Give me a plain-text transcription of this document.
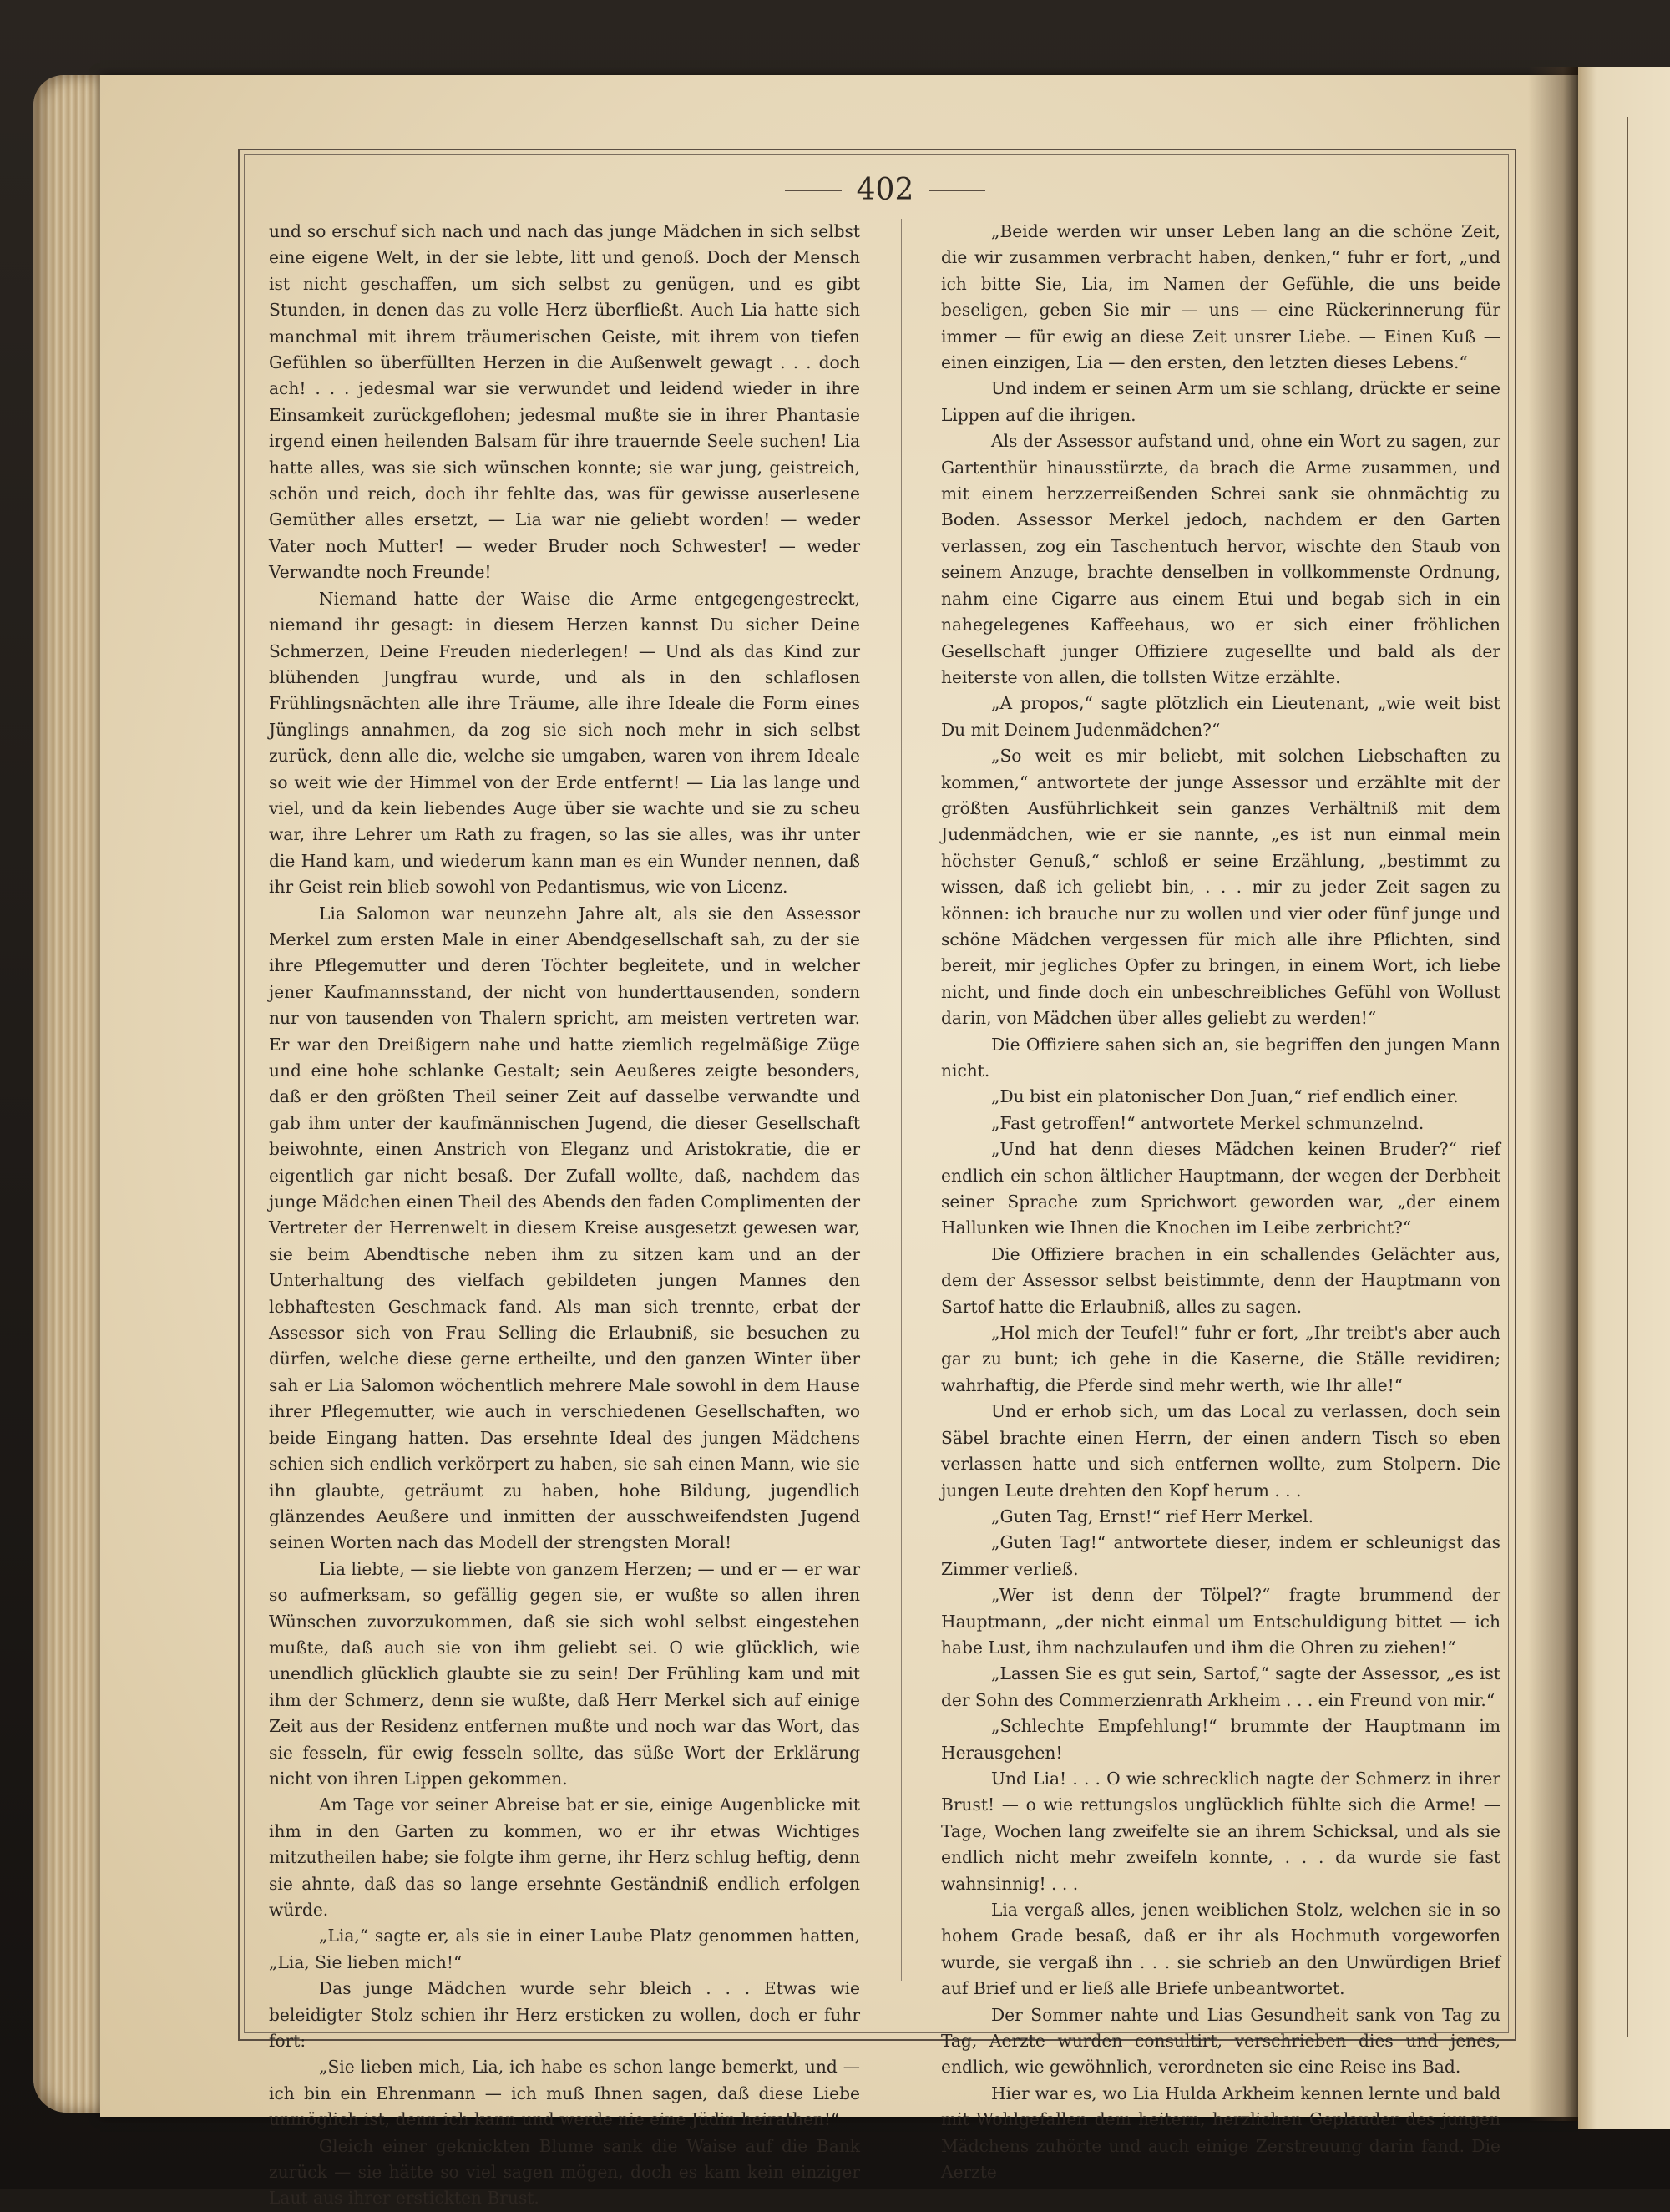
402

und so erschuf sich nach und nach das junge Mädchen in sich selbst eine eigene Welt, in der sie lebte, litt und genoß. Doch der Mensch ist nicht geschaffen, um sich selbst zu genügen, und es gibt Stunden, in denen das zu volle Herz überfließt. Auch Lia hatte sich manchmal mit ihrem träumerischen Geiste, mit ihrem von tiefen Gefühlen so überfüllten Herzen in die Außenwelt gewagt . . . doch ach! . . . jedesmal war sie verwundet und leidend wieder in ihre Einsamkeit zurückgeflohen; jedesmal mußte sie in ihrer Phantasie irgend einen heilenden Balsam für ihre trauernde Seele suchen! Lia hatte alles, was sie sich wünschen konnte; sie war jung, geistreich, schön und reich, doch ihr fehlte das, was für gewisse auserlesene Gemüther alles ersetzt, — Lia war nie geliebt worden! — weder Vater noch Mutter! — weder Bruder noch Schwester! — weder Verwandte noch Freunde!

Niemand hatte der Waise die Arme entgegengestreckt, niemand ihr gesagt: in diesem Herzen kannst Du sicher Deine Schmerzen, Deine Freuden niederlegen! — Und als das Kind zur blühenden Jungfrau wurde, und als in den schlaflosen Frühlingsnächten alle ihre Träume, alle ihre Ideale die Form eines Jünglings annahmen, da zog sie sich noch mehr in sich selbst zurück, denn alle die, welche sie umgaben, waren von ihrem Ideale so weit wie der Himmel von der Erde entfernt! — Lia las lange und viel, und da kein liebendes Auge über sie wachte und sie zu scheu war, ihre Lehrer um Rath zu fragen, so las sie alles, was ihr unter die Hand kam, und wiederum kann man es ein Wunder nennen, daß ihr Geist rein blieb sowohl von Pedantismus, wie von Licenz.

Lia Salomon war neunzehn Jahre alt, als sie den Assessor Merkel zum ersten Male in einer Abendgesellschaft sah, zu der sie ihre Pflegemutter und deren Töchter begleitete, und in welcher jener Kaufmannsstand, der nicht von hunderttausenden, sondern nur von tausenden von Thalern spricht, am meisten vertreten war. Er war den Dreißigern nahe und hatte ziemlich regelmäßige Züge und eine hohe schlanke Gestalt; sein Aeußeres zeigte besonders, daß er den größten Theil seiner Zeit auf dasselbe verwandte und gab ihm unter der kaufmännischen Jugend, die dieser Gesellschaft beiwohnte, einen Anstrich von Eleganz und Aristokratie, die er eigentlich gar nicht besaß. Der Zufall wollte, daß, nachdem das junge Mädchen einen Theil des Abends den faden Complimenten der Vertreter der Herrenwelt in diesem Kreise ausgesetzt gewesen war, sie beim Abendtische neben ihm zu sitzen kam und an der Unterhaltung des vielfach gebildeten jungen Mannes den lebhaftesten Geschmack fand. Als man sich trennte, erbat der Assessor sich von Frau Selling die Erlaubniß, sie besuchen zu dürfen, welche diese gerne ertheilte, und den ganzen Winter über sah er Lia Salomon wöchentlich mehrere Male sowohl in dem Hause ihrer Pflegemutter, wie auch in verschiedenen Gesellschaften, wo beide Eingang hatten. Das ersehnte Ideal des jungen Mädchens schien sich endlich verkörpert zu haben, sie sah einen Mann, wie sie ihn glaubte, geträumt zu haben, hohe Bildung, jugendlich glänzendes Aeußere und inmitten der ausschweifendsten Jugend seinen Worten nach das Modell der strengsten Moral!

Lia liebte, — sie liebte von ganzem Herzen; — und er — er war so aufmerksam, so gefällig gegen sie, er wußte so allen ihren Wünschen zuvorzukommen, daß sie sich wohl selbst eingestehen mußte, daß auch sie von ihm geliebt sei. O wie glücklich, wie unendlich glücklich glaubte sie zu sein! Der Frühling kam und mit ihm der Schmerz, denn sie wußte, daß Herr Merkel sich auf einige Zeit aus der Residenz entfernen mußte und noch war das Wort, das sie fesseln, für ewig fesseln sollte, das süße Wort der Erklärung nicht von ihren Lippen gekommen.

Am Tage vor seiner Abreise bat er sie, einige Augenblicke mit ihm in den Garten zu kommen, wo er ihr etwas Wichtiges mitzutheilen habe; sie folgte ihm gerne, ihr Herz schlug heftig, denn sie ahnte, daß das so lange ersehnte Geständniß endlich erfolgen würde.

„Lia,“ sagte er, als sie in einer Laube Platz genommen hatten, „Lia, Sie lieben mich!“

Das junge Mädchen wurde sehr bleich . . . Etwas wie beleidigter Stolz schien ihr Herz ersticken zu wollen, doch er fuhr fort:

„Sie lieben mich, Lia, ich habe es schon lange bemerkt, und — ich bin ein Ehrenmann — ich muß Ihnen sagen, daß diese Liebe unmöglich ist, denn ich kann und werde nie eine Jüdin heirathen!“

Gleich einer geknickten Blume sank die Waise auf die Bank zurück — sie hätte so viel sagen mögen, doch es kam kein einziger Laut aus ihrer erstickten Brust.

„Beide werden wir unser Leben lang an die schöne Zeit, die wir zusammen verbracht haben, denken,“ fuhr er fort, „und ich bitte Sie, Lia, im Namen der Gefühle, die uns beide beseligen, geben Sie mir — uns — eine Rückerinnerung für immer — für ewig an diese Zeit unsrer Liebe. — Einen Kuß — einen einzigen, Lia — den ersten, den letzten dieses Lebens.“

Und indem er seinen Arm um sie schlang, drückte er seine Lippen auf die ihrigen.

Als der Assessor aufstand und, ohne ein Wort zu sagen, zur Gartenthür hinausstürzte, da brach die Arme zusammen, und mit einem herzzerreißenden Schrei sank sie ohnmächtig zu Boden. Assessor Merkel jedoch, nachdem er den Garten verlassen, zog ein Taschentuch hervor, wischte den Staub von seinem Anzuge, brachte denselben in vollkommenste Ordnung, nahm eine Cigarre aus einem Etui und begab sich in ein nahegelegenes Kaffeehaus, wo er sich einer fröhlichen Gesellschaft junger Offiziere zugesellte und bald als der heiterste von allen, die tollsten Witze erzählte.

„A propos,“ sagte plötzlich ein Lieutenant, „wie weit bist Du mit Deinem Judenmädchen?“

„So weit es mir beliebt, mit solchen Liebschaften zu kommen,“ antwortete der junge Assessor und erzählte mit der größten Ausführlichkeit sein ganzes Verhältniß mit dem Judenmädchen, wie er sie nannte, „es ist nun einmal mein höchster Genuß,“ schloß er seine Erzählung, „bestimmt zu wissen, daß ich geliebt bin, . . . mir zu jeder Zeit sagen zu können: ich brauche nur zu wollen und vier oder fünf junge und schöne Mädchen vergessen für mich alle ihre Pflichten, sind bereit, mir jegliches Opfer zu bringen, in einem Wort, ich liebe nicht, und finde doch ein unbeschreibliches Gefühl von Wollust darin, von Mädchen über alles geliebt zu werden!“

Die Offiziere sahen sich an, sie begriffen den jungen Mann nicht.

„Du bist ein platonischer Don Juan,“ rief endlich einer.

„Fast getroffen!“ antwortete Merkel schmunzelnd.

„Und hat denn dieses Mädchen keinen Bruder?“ rief endlich ein schon ältlicher Hauptmann, der wegen der Derbheit seiner Sprache zum Sprichwort geworden war, „der einem Hallunken wie Ihnen die Knochen im Leibe zerbricht?“

Die Offiziere brachen in ein schallendes Gelächter aus, dem der Assessor selbst beistimmte, denn der Hauptmann von Sartof hatte die Erlaubniß, alles zu sagen.

„Hol mich der Teufel!“ fuhr er fort, „Ihr treibt's aber auch gar zu bunt; ich gehe in die Kaserne, die Ställe revidiren; wahrhaftig, die Pferde sind mehr werth, wie Ihr alle!“

Und er erhob sich, um das Local zu verlassen, doch sein Säbel brachte einen Herrn, der einen andern Tisch so eben verlassen hatte und sich entfernen wollte, zum Stolpern. Die jungen Leute drehten den Kopf herum . . .

„Guten Tag, Ernst!“ rief Herr Merkel.

„Guten Tag!“ antwortete dieser, indem er schleunigst das Zimmer verließ.

„Wer ist denn der Tölpel?“ fragte brummend der Hauptmann, „der nicht einmal um Entschuldigung bittet — ich habe Lust, ihm nachzulaufen und ihm die Ohren zu ziehen!“

„Lassen Sie es gut sein, Sartof,“ sagte der Assessor, „es ist der Sohn des Commerzienrath Arkheim . . . ein Freund von mir.“

„Schlechte Empfehlung!“ brummte der Hauptmann im Herausgehen!

Und Lia! . . . O wie schrecklich nagte der Schmerz in ihrer Brust! — o wie rettungslos unglücklich fühlte sich die Arme! — Tage, Wochen lang zweifelte sie an ihrem Schicksal, und als sie endlich nicht mehr zweifeln konnte, . . . da wurde sie fast wahnsinnig! . . .

Lia vergaß alles, jenen weiblichen Stolz, welchen sie in so hohem Grade besaß, daß er ihr als Hochmuth vorgeworfen wurde, sie vergaß ihn . . . sie schrieb an den Unwürdigen Brief auf Brief und er ließ alle Briefe unbeantwortet.

Der Sommer nahte und Lias Gesundheit sank von Tag zu Tag, Aerzte wurden consultirt, verschrieben dies und jenes, endlich, wie gewöhnlich, verordneten sie eine Reise ins Bad.

Hier war es, wo Lia Hulda Arkheim kennen lernte und bald mit Wohlgefallen dem heitern, herzlichen Geplauder des jungen Mädchens zuhörte und auch einige Zerstreuung darin fand. Die Aerzte
